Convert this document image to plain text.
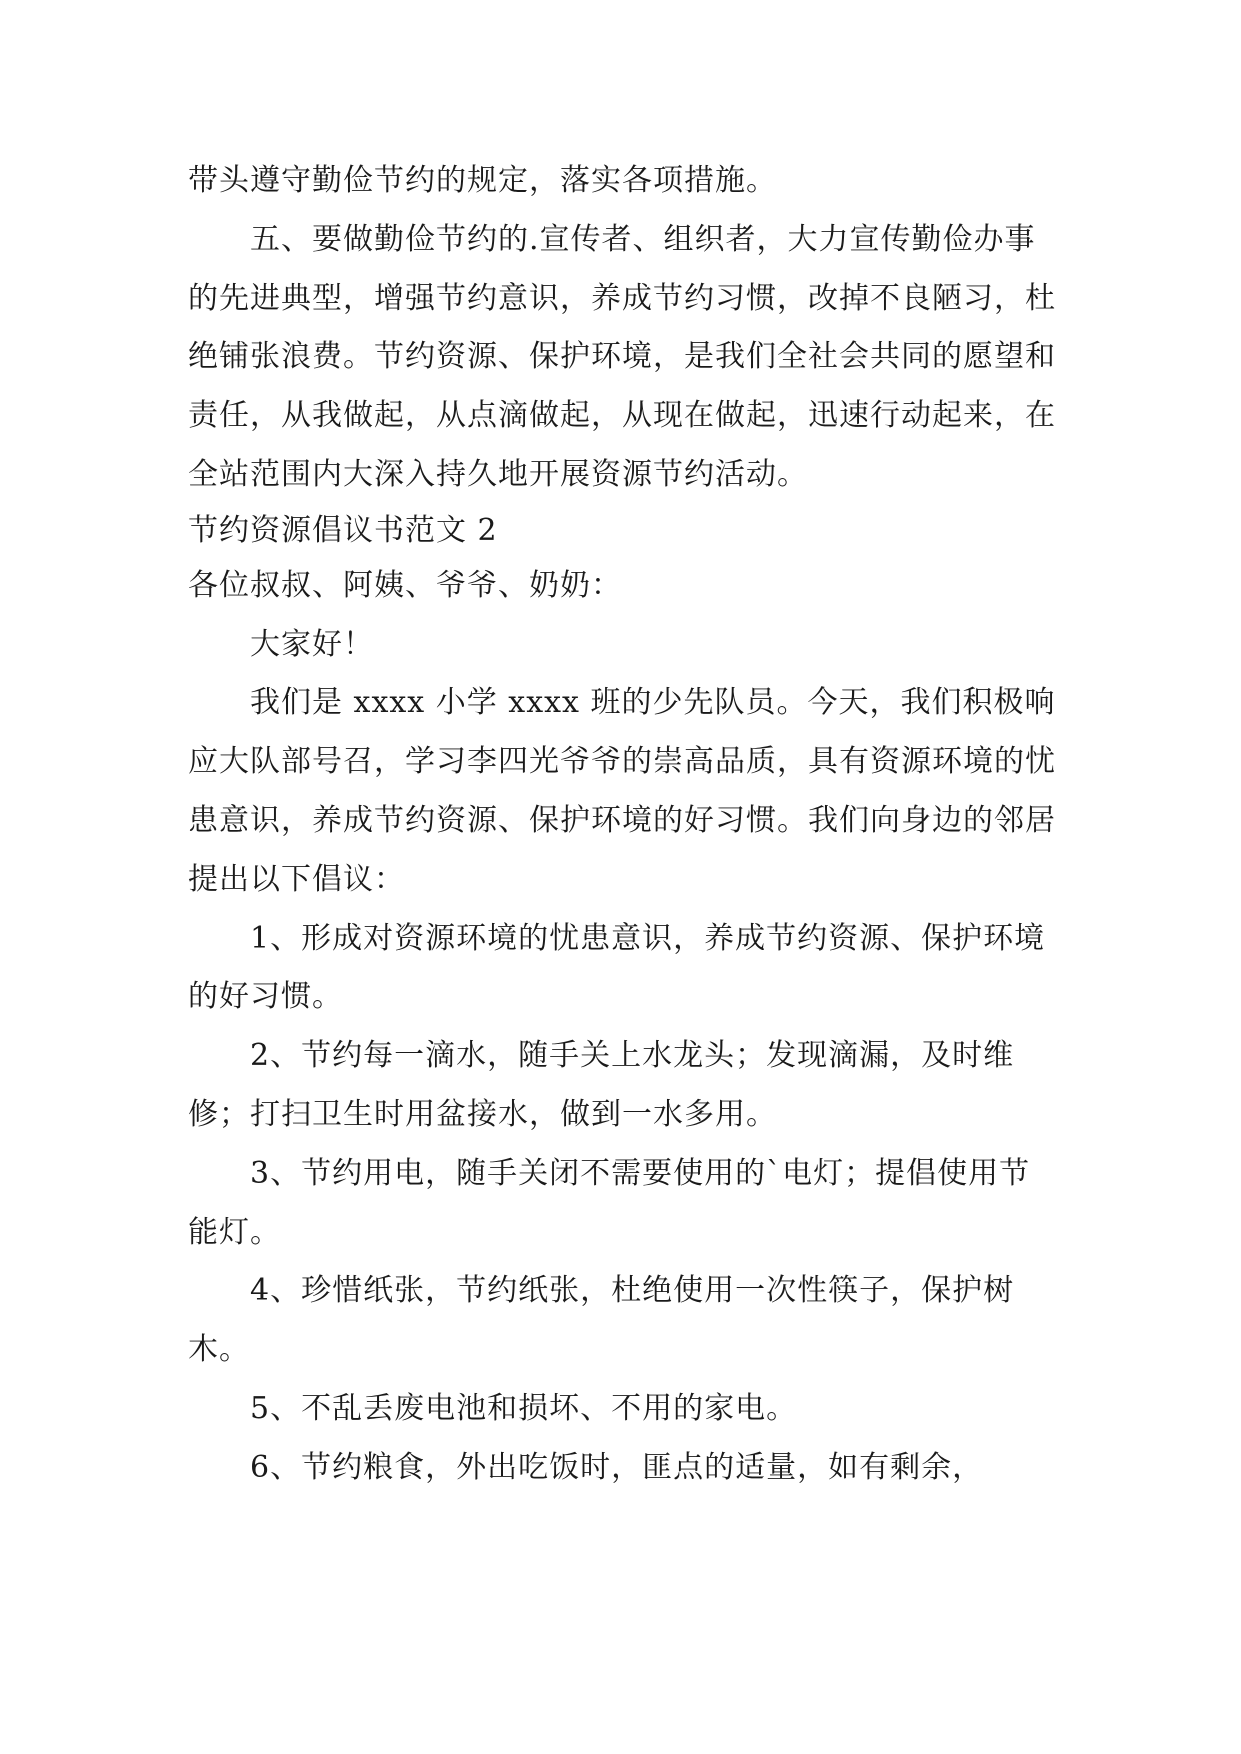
带头遵守勤俭节约的规定，落实各项措施。

五、要做勤俭节约的.宣传者、组织者，大力宣传勤俭办事的先进典型，增强节约意识，养成节约习惯，改掉不良陋习，杜绝铺张浪费。节约资源、保护环境，是我们全社会共同的愿望和责任，从我做起，从点滴做起，从现在做起，迅速行动起来，在全站范围内大深入持久地开展资源节约活动。

节约资源倡议书范文 2

各位叔叔、阿姨、爷爷、奶奶：

大家好！

我们是 xxxx 小学 xxxx 班的少先队员。今天，我们积极响应大队部号召，学习李四光爷爷的崇高品质，具有资源环境的忧患意识，养成节约资源、保护环境的好习惯。我们向身边的邻居提出以下倡议：

1、形成对资源环境的忧患意识，养成节约资源、保护环境的好习惯。

2、节约每一滴水，随手关上水龙头；发现滴漏，及时维修；打扫卫生时用盆接水，做到一水多用。

3、节约用电，随手关闭不需要使用的`电灯；提倡使用节能灯。

4、珍惜纸张，节约纸张，杜绝使用一次性筷子，保护树木。

5、不乱丢废电池和损坏、不用的家电。

6、节约粮食，外出吃饭时，匪点的适量，如有剩余，
